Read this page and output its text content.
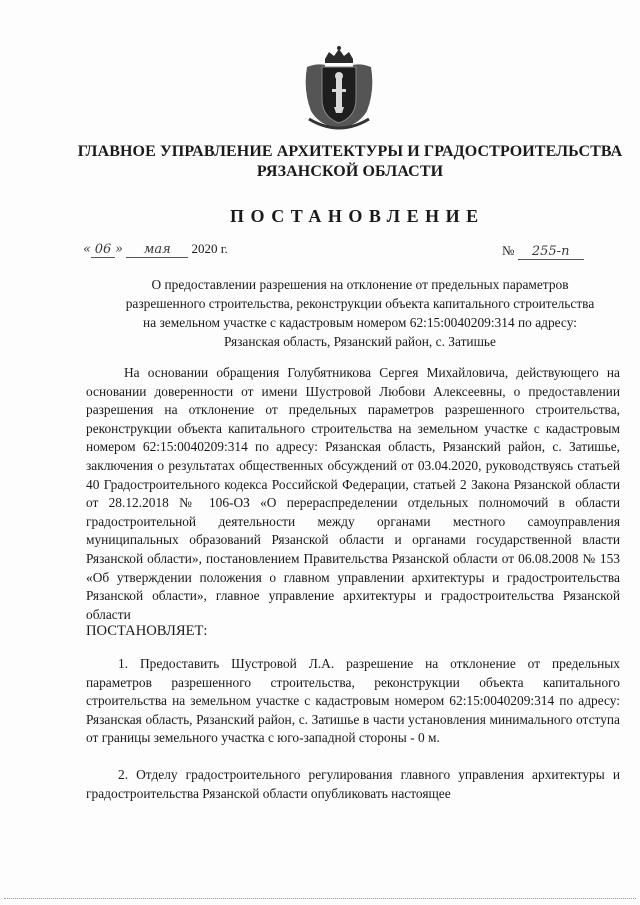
ГЛАВНОЕ УПРАВЛЕНИЕ АРХИТЕКТУРЫ И ГРАДОСТРОИТЕЛЬСТВА
РЯЗАНСКОЙ ОБЛАСТИ
ПОСТАНОВЛЕНИЕ
« 06 » мая 2020 г.	№ 255-п
О предоставлении разрешения на отклонение от предельных параметров
разрешенного строительства, реконструкции объекта капитального строительства
на земельном участке с кадастровым номером 62:15:0040209:314 по адресу:
Рязанская область, Рязанский район, с. Затишье
На основании обращения Голубятникова Сергея Михайловича, действующего на основании доверенности от имени Шустровой Любови Алексеевны, о предоставлении разрешения на отклонение от предельных параметров разрешенного строительства, реконструкции объекта капитального строительства на земельном участке с кадастровым номером 62:15:0040209:314 по адресу: Рязанская область, Рязанский район, с. Затишье, заключения о результатах общественных обсуждений от 03.04.2020, руководствуясь статьей 40 Градостроительного кодекса Российской Федерации, статьей 2 Закона Рязанской области от 28.12.2018 № 106-ОЗ «О перераспределении отдельных полномочий в области градостроительной деятельности между органами местного самоуправления муниципальных образований Рязанской области и органами государственной власти Рязанской области», постановлением Правительства Рязанской области от 06.08.2008 № 153 «Об утверждении положения о главном управлении архитектуры и градостроительства Рязанской области», главное управление архитектуры и градостроительства Рязанской области
ПОСТАНОВЛЯЕТ:
1. Предоставить Шустровой Л.А. разрешение на отклонение от предельных параметров разрешенного строительства, реконструкции объекта капитального строительства на земельном участке с кадастровым номером 62:15:0040209:314 по адресу: Рязанская область, Рязанский район, с. Затишье в части установления минимального отступа от границы земельного участка с юго-западной стороны - 0 м.
2. Отделу градостроительного регулирования главного управления архитектуры и градостроительства Рязанской области опубликовать настоящее
